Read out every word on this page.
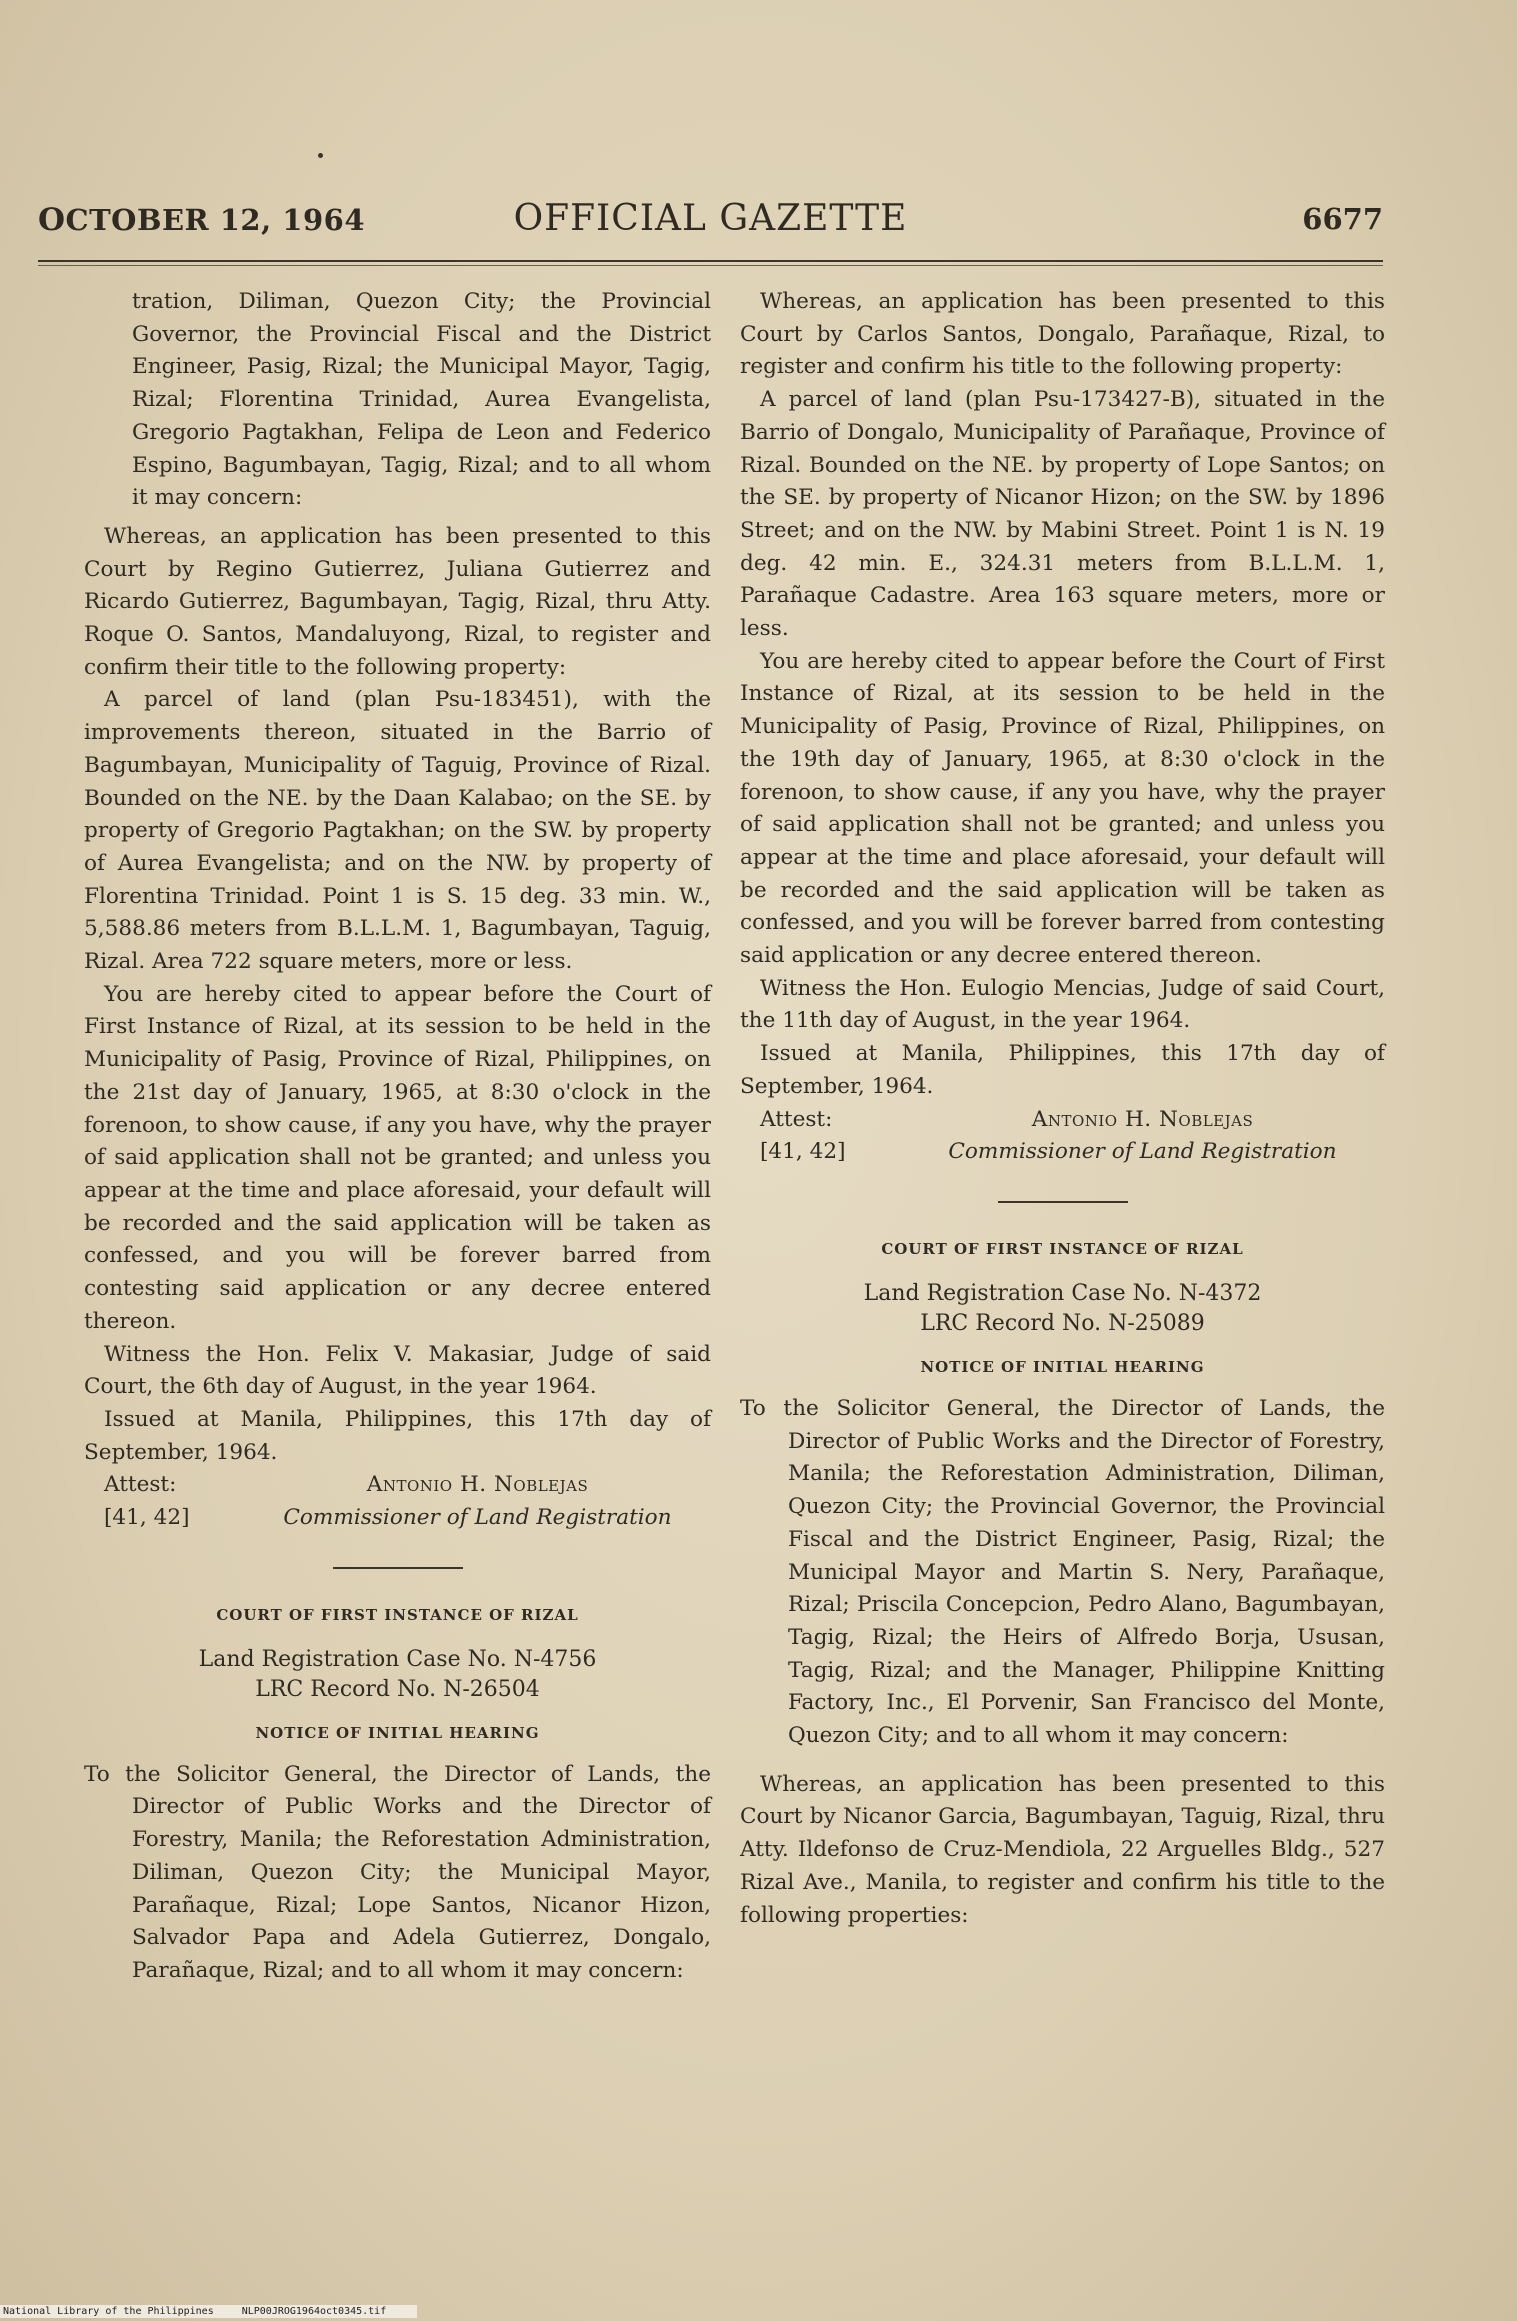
OCTOBER 12, 1964	OFFICIAL GAZETTE	6677

tration, Diliman, Quezon City; the Provincial Governor, the Provincial Fiscal and the District Engineer, Pasig, Rizal; the Municipal Mayor, Tagig, Rizal; Florentina Trinidad, Aurea Evangelista, Gregorio Pagtakhan, Felipa de Leon and Federico Espino, Bagumbayan, Tagig, Rizal; and to all whom it may concern:

Whereas, an application has been presented to this Court by Regino Gutierrez, Juliana Gutierrez and Ricardo Gutierrez, Bagumbayan, Tagig, Rizal, thru Atty. Roque O. Santos, Mandaluyong, Rizal, to register and confirm their title to the following property:

A parcel of land (plan Psu-183451), with the improvements thereon, situated in the Barrio of Bagumbayan, Municipality of Taguig, Province of Rizal. Bounded on the NE. by the Daan Kalabao; on the SE. by property of Gregorio Pagtakhan; on the SW. by property of Aurea Evangelista; and on the NW. by property of Florentina Trinidad. Point 1 is S. 15 deg. 33 min. W., 5,588.86 meters from B.L.L.M. 1, Bagumbayan, Taguig, Rizal. Area 722 square meters, more or less.

You are hereby cited to appear before the Court of First Instance of Rizal, at its session to be held in the Municipality of Pasig, Province of Rizal, Philippines, on the 21st day of January, 1965, at 8:30 o'clock in the forenoon, to show cause, if any you have, why the prayer of said application shall not be granted; and unless you appear at the time and place aforesaid, your default will be recorded and the said application will be taken as confessed, and you will be forever barred from contesting said application or any decree entered thereon.

Witness the Hon. Felix V. Makasiar, Judge of said Court, the 6th day of August, in the year 1964.

Issued at Manila, Philippines, this 17th day of September, 1964.

Attest:	Antonio H. Noblejas
[41, 42]	Commissioner of Land Registration
COURT OF FIRST INSTANCE OF RIZAL
Land Registration Case No. N-4756
LRC Record No. N-26504
NOTICE OF INITIAL HEARING

To the Solicitor General, the Director of Lands, the Director of Public Works and the Director of Forestry, Manila; the Reforestation Administration, Diliman, Quezon City; the Municipal Mayor, Parañaque, Rizal; Lope Santos, Nicanor Hizon, Salvador Papa and Adela Gutierrez, Dongalo, Parañaque, Rizal; and to all whom it may concern:

Whereas, an application has been presented to this Court by Carlos Santos, Dongalo, Parañaque, Rizal, to register and confirm his title to the following property:

A parcel of land (plan Psu-173427-B), situated in the Barrio of Dongalo, Municipality of Parañaque, Province of Rizal. Bounded on the NE. by property of Lope Santos; on the SE. by property of Nicanor Hizon; on the SW. by 1896 Street; and on the NW. by Mabini Street. Point 1 is N. 19 deg. 42 min. E., 324.31 meters from B.L.L.M. 1, Parañaque Cadastre. Area 163 square meters, more or less.

You are hereby cited to appear before the Court of First Instance of Rizal, at its session to be held in the Municipality of Pasig, Province of Rizal, Philippines, on the 19th day of January, 1965, at 8:30 o'clock in the forenoon, to show cause, if any you have, why the prayer of said application shall not be granted; and unless you appear at the time and place aforesaid, your default will be recorded and the said application will be taken as confessed, and you will be forever barred from contesting said application or any decree entered thereon.

Witness the Hon. Eulogio Mencias, Judge of said Court, the 11th day of August, in the year 1964.

Issued at Manila, Philippines, this 17th day of September, 1964.

Attest:	Antonio H. Noblejas
[41, 42]	Commissioner of Land Registration
COURT OF FIRST INSTANCE OF RIZAL
Land Registration Case No. N-4372
LRC Record No. N-25089
NOTICE OF INITIAL HEARING

To the Solicitor General, the Director of Lands, the Director of Public Works and the Director of Forestry, Manila; the Reforestation Administration, Diliman, Quezon City; the Provincial Governor, the Provincial Fiscal and the District Engineer, Pasig, Rizal; the Municipal Mayor and Martin S. Nery, Parañaque, Rizal; Priscila Concepcion, Pedro Alano, Bagumbayan, Tagig, Rizal; the Heirs of Alfredo Borja, Ususan, Tagig, Rizal; and the Manager, Philippine Knitting Factory, Inc., El Porvenir, San Francisco del Monte, Quezon City; and to all whom it may concern:

Whereas, an application has been presented to this Court by Nicanor Garcia, Bagumbayan, Taguig, Rizal, thru Atty. Ildefonso de Cruz-Mendiola, 22 Arguelles Bldg., 527 Rizal Ave., Manila, to register and confirm his title to the following properties:

National Library of the Philippines	NLP00JROG1964oct0345.tif
